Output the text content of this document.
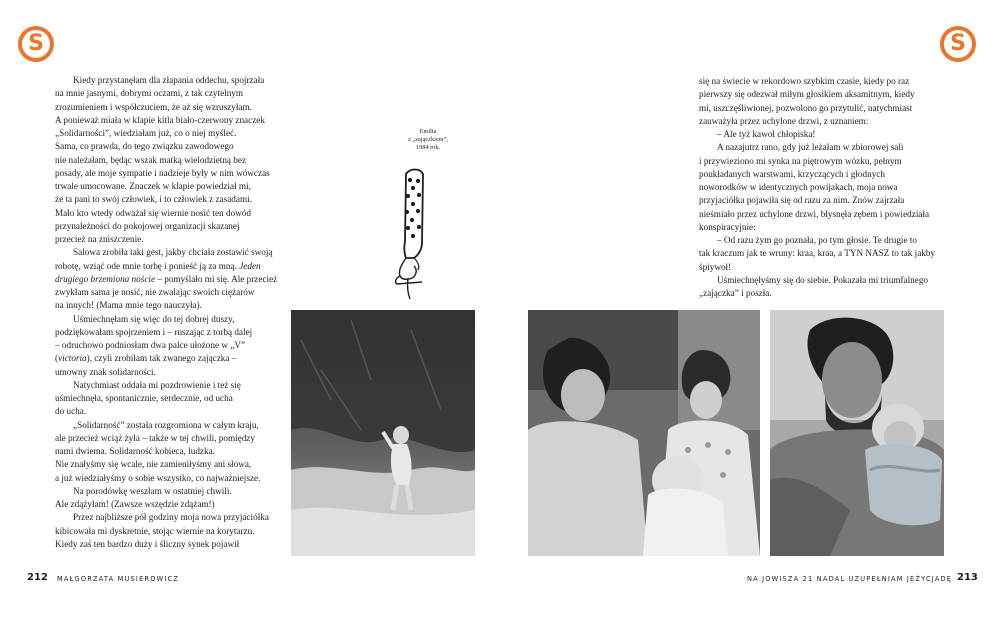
S	S

Kiedy przystanęłam dla złapania oddechu, spojrzała

na mnie jasnymi, dobrymi oczami, z tak czytelnym

zrozumieniem i współczuciem, że aż się wzruszyłam.

A ponieważ miała w klapie kitla biało-czerwony znaczek

„Solidarności”, wiedziałam już, co o niej myśleć.

Sama, co prawda, do tego związku zawodowego

nie należałam, będąc wszak matką wielodzietną bez

posady, ale moje sympatie i nadzieje były w nim wówczas

trwale umocowane. Znaczek w klapie powiedział mi,

że ta pani to swój człowiek, i to człowiek z zasadami.

Mało kto wtedy odważał się wiernie nosić ten dowód

przynależności do pokojowej organizacji skazanej

przecież na zniszczenie.

Salowa zrobiła taki gest, jakby chciała zostawić swoją

robotę, wziąć ode mnie torbę i ponieść ją za mną. Jeden

drugiego brzemiona noście – pomyślało mi się. Ale przecież

zwykłam sama je nosić, nie zwalając swoich ciężarów

na innych! (Mama mnie tego nauczyła).

Uśmiechnęłam się więc do tej dobrej duszy,

podziękowałam spojrzeniem i – ruszając z torbą dalej

– odruchowo podniosłam dwa palce ułożone w „V”

(victoria), czyli zrobiłam tak zwanego zajączka –

umowny znak solidarności.

Natychmiast oddała mi pozdrowienie i też się

uśmiechnęła, spontanicznie, serdecznie, od ucha

do ucha.

„Solidarność” została rozgromiona w całym kraju,

ale przecież wciąż żyła – także w tej chwili, pomiędzy

nami dwiema. Solidarność kobieca, ludzka.

Nie znałyśmy się wcale, nie zamieniłyśmy ani słowa,

a już wiedziałyśmy o sobie wszystko, co najważniejsze.

Na porodówkę weszłam w ostatniej chwili.

Ale zdążyłam! (Zawsze wszędzie zdążam!)

Przez najbliższe pół godziny moja nowa przyjaciółka

kibicowała mi dyskretnie, stojąc wiernie na korytarzu.

Kiedy zaś ten bardzo duży i śliczny synek pojawił

się na świecie w rekordowo szybkim czasie, kiedy po raz

pierwszy się odezwał miłym głosikiem aksamitnym, kiedy

mi, uszczęśliwionej, pozwolono go przytulić, natychmiast

zauważyła przez uchylone drzwi, z uznaniem:

– Ale tyż kawoł chłopiska!

A nazajutrz rano, gdy już leżałam w zbiorowej sali

i przywieziono mi synka na piętrowym wózku, pełnym

poukładanych warstwami, krzyczących i głodnych

noworodków w identycznych powijakach, moja nowa

przyjaciółka pojawiła się od razu za nim. Znów zajrzała

nieśmiało przez uchylone drzwi, błysnęła zębem i powiedziała

konspiracyjnie:

– Od razu żym go poznała, po tym głosie. Te drugie to

tak kraczum jak te wruny: kraa, kraa, a TYN NASZ to tak jakby

śpiywoł!

Uśmiechnęłyśmy się do siebie. Pokazała mi triumfalnego

„zajączka” i poszła.

Emilia

z „zajączkiem”,

1984 rok.

212 MAŁGORZATA MUSIEROWICZ	NA JOWISZA 21 NADAL UZUPEŁNIAM JEŻYCJADĘ 213
